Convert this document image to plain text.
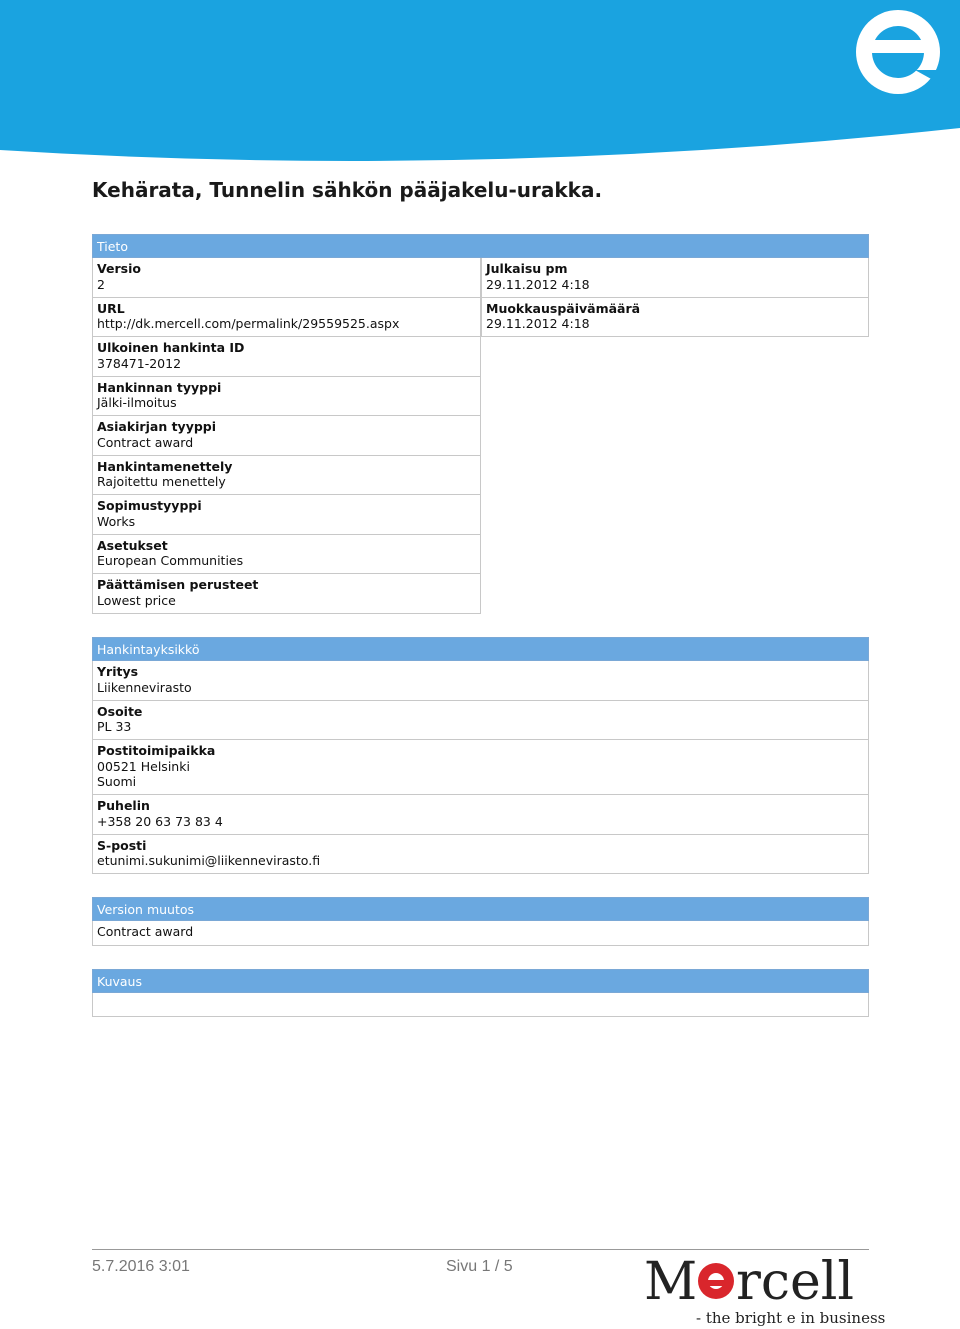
Kehärata, Tunnelin sähkön pääjakelu-urakka.
Tieto
Versio
2
URL
http://dk.mercell.com/permalink/29559525.aspx
Ulkoinen hankinta ID
378471-2012
Hankinnan tyyppi
Jälki-ilmoitus
Asiakirjan tyyppi
Contract award
Hankintamenettely
Rajoitettu menettely
Sopimustyyppi
Works
Asetukset
European Communities
Päättämisen perusteet
Lowest price
Julkaisu pm
29.11.2012 4:18
Muokkauspäivämäärä
29.11.2012 4:18
Hankintayksikkö
Yritys
Liikennevirasto
Osoite
PL 33
Postitoimipaikka
00521 Helsinki
Suomi
Puhelin
+358 20 63 73 83 4
S-posti
etunimi.sukunimi@liikennevirasto.fi
Version muutos
Contract award
Kuvaus
5.7.2016 3:01	Sivu 1 / 5	M rcell
- the bright e in business
